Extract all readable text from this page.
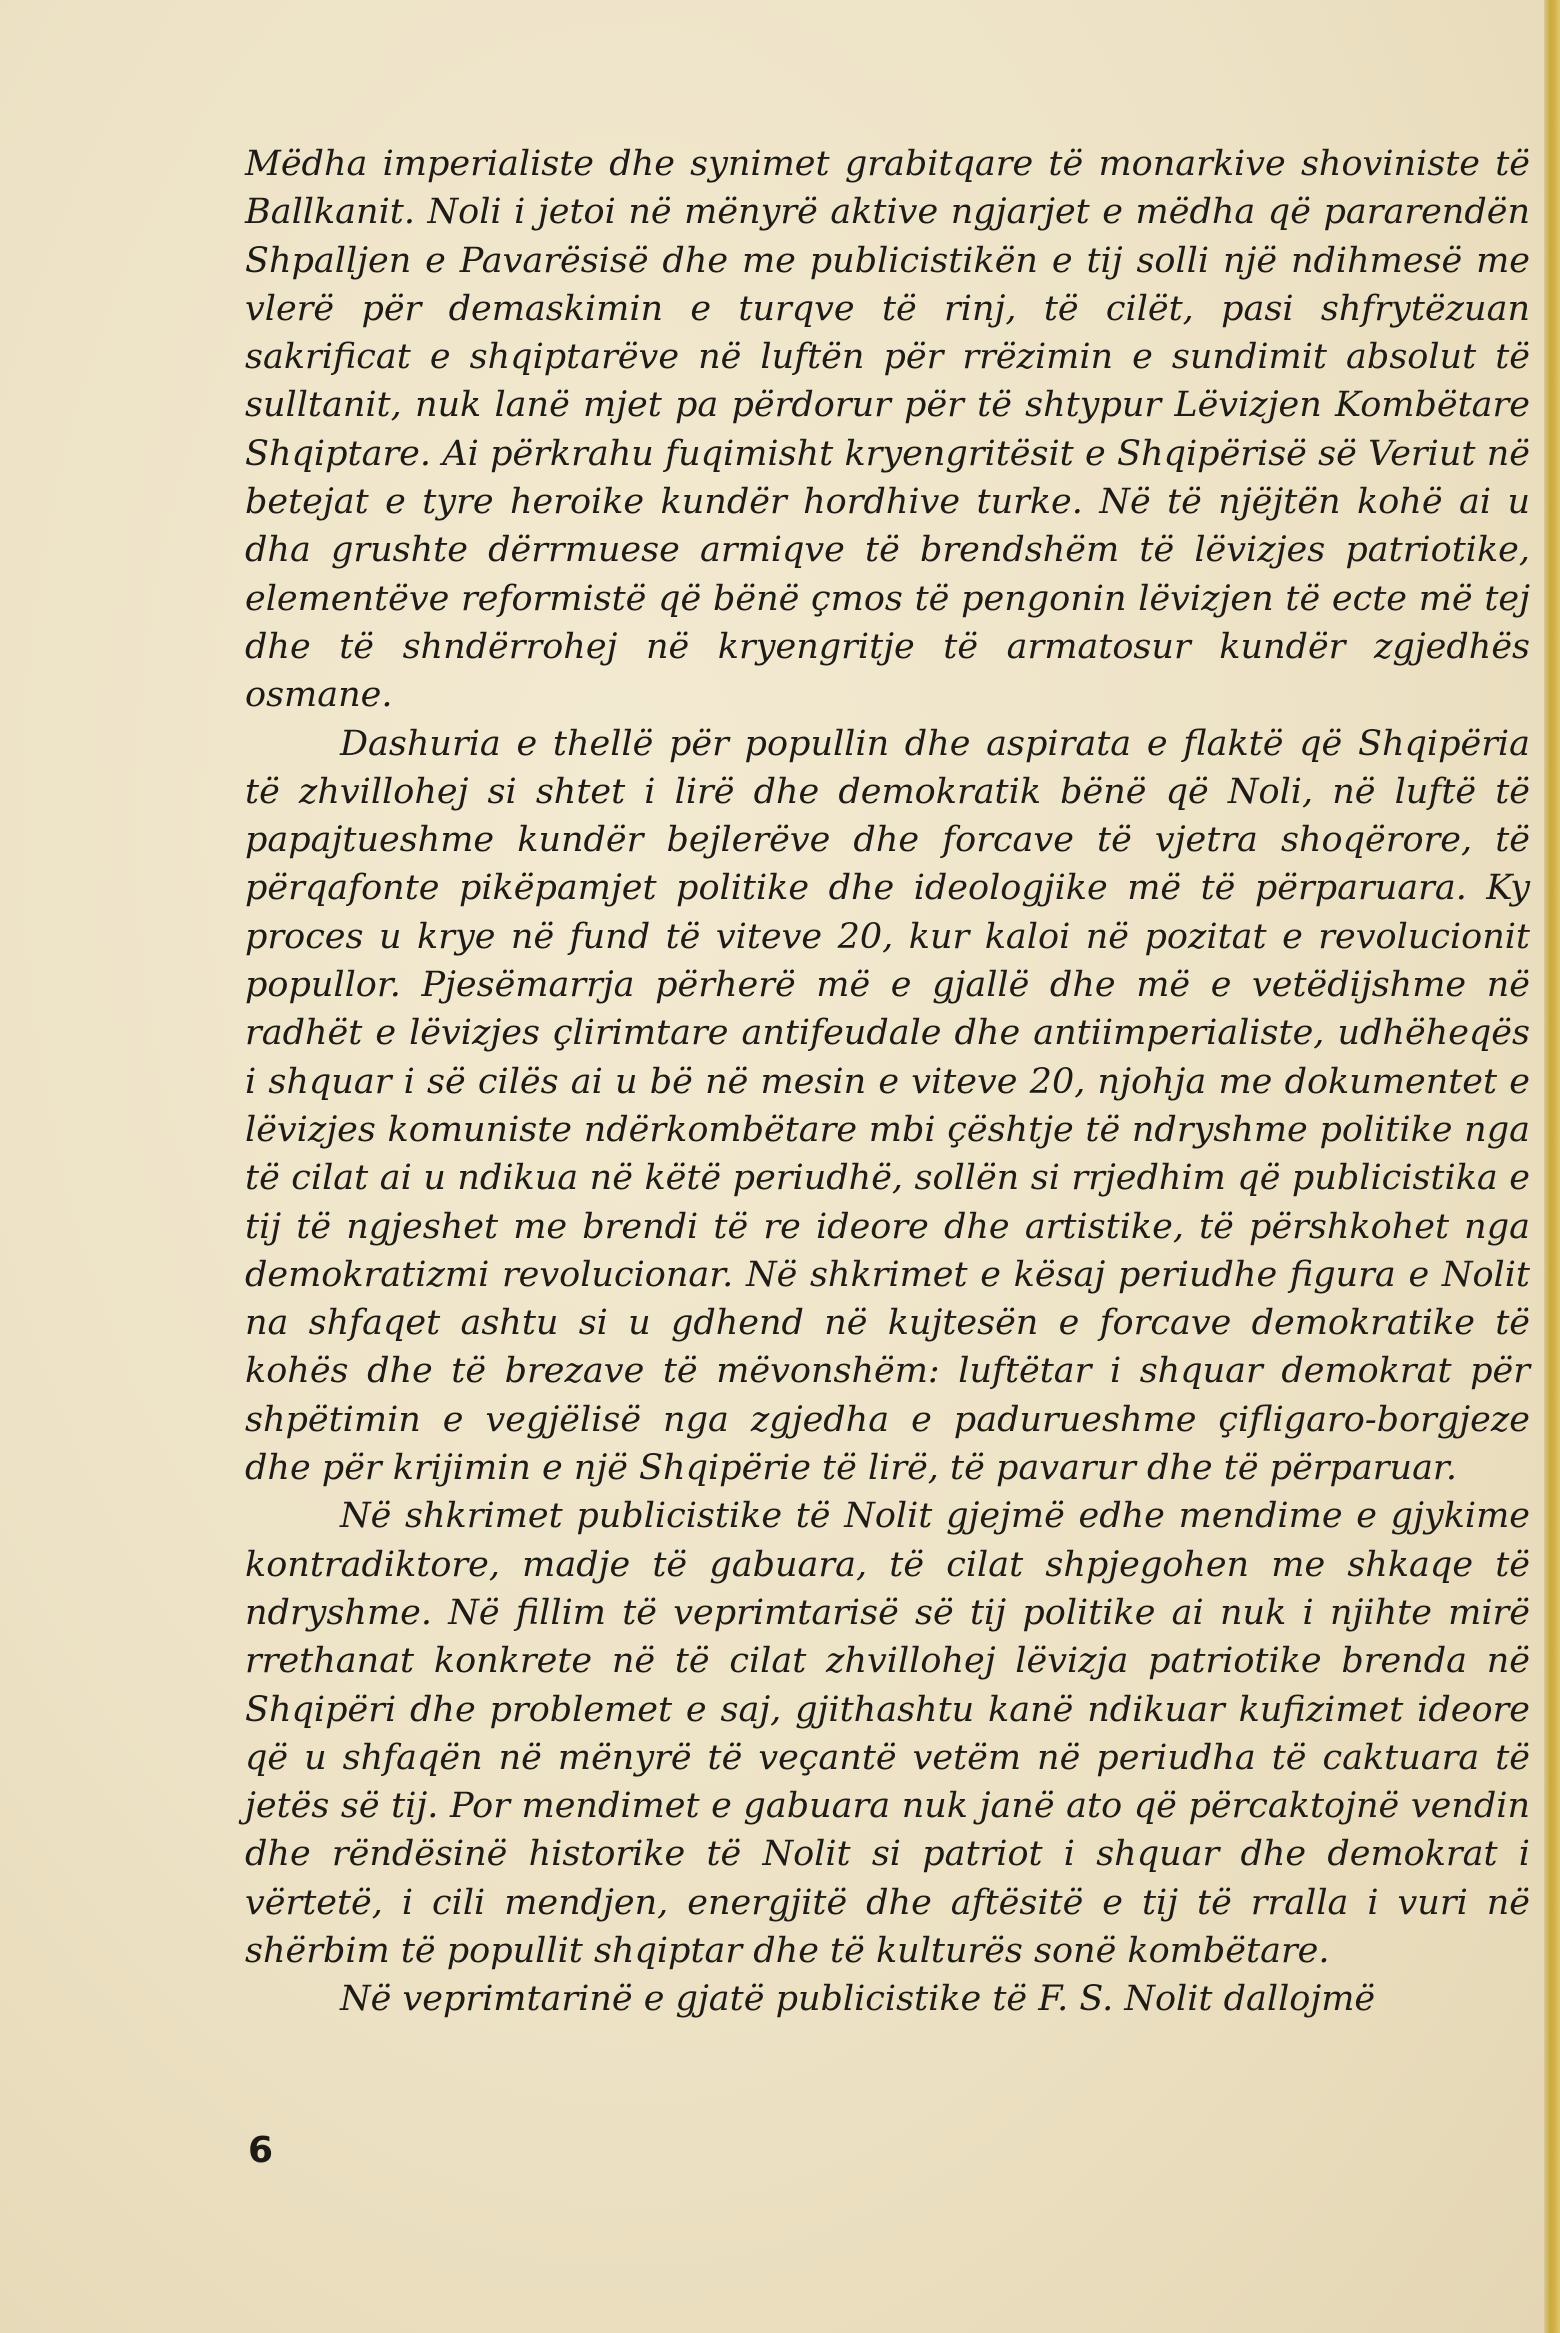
Mëdha imperialiste dhe synimet grabitqare të monarkive shoviniste të Ballkanit. Noli i jetoi në mënyrë aktive ngjarjet e mëdha që pararendën Shpalljen e Pavarësisë dhe me publicistikën e tij solli një ndihmesë me vlerë për demaskimin e turqve të rinj, të cilët, pasi shfrytëzuan sakrificat e shqiptarëve në luftën për rrëzimin e sundimit absolut të sulltanit, nuk lanë mjet pa përdorur për të shtypur Lëvizjen Kombëtare Shqiptare. Ai përkrahu fuqimisht kryengritësit e Shqipërisë së Veriut në betejat e tyre heroike kundër hordhive turke. Në të njëjtën kohë ai u dha grushte dërrmuese armiqve të brendshëm të lëvizjes patriotike, elementëve reformistë që bënë çmos të pengonin lëvizjen të ecte më tej dhe të shndërrohej në kryengritje të armatosur kundër zgjedhës osmane.

Dashuria e thellë për popullin dhe aspirata e flaktë që Shqipëria të zhvillohej si shtet i lirë dhe demokratik bënë që Noli, në luftë të papajtueshme kundër bejlerëve dhe forcave të vjetra shoqërore, të përqafonte pikëpamjet politike dhe ideologjike më të përparuara. Ky proces u krye në fund të viteve 20, kur kaloi në pozitat e revolucionit popullor. Pjesëmarrja përherë më e gjallë dhe më e vetëdijshme në radhët e lëvizjes çlirimtare antifeudale dhe antiimperialiste, udhëheqës i shquar i së cilës ai u bë në mesin e viteve 20, njohja me dokumentet e lëvizjes komuniste ndërkombëtare mbi çështje të ndryshme politike nga të cilat ai u ndikua në këtë periudhë, sollën si rrjedhim që publicistika e tij të ngjeshet me brendi të re ideore dhe artistike, të përshkohet nga demokratizmi revolucionar. Në shkrimet e kësaj periudhe figura e Nolit na shfaqet ashtu si u gdhend në kujtesën e forcave demokratike të kohës dhe të brezave të mëvonshëm: luftëtar i shquar demokrat për shpëtimin e vegjëlisë nga zgjedha e padurueshme çifligaro-borgjeze dhe për krijimin e një Shqipërie të lirë, të pavarur dhe të përparuar.

Në shkrimet publicistike të Nolit gjejmë edhe mendime e gjykime kontradiktore, madje të gabuara, të cilat shpjegohen me shkaqe të ndryshme. Në fillim të veprimtarisë së tij politike ai nuk i njihte mirë rrethanat konkrete në të cilat zhvillohej lëvizja patriotike brenda në Shqipëri dhe problemet e saj, gjithashtu kanë ndikuar kufizimet ideore që u shfaqën në mënyrë të veçantë vetëm në periudha të caktuara të jetës së tij. Por mendimet e gabuara nuk janë ato që përcaktojnë vendin dhe rëndësinë historike të Nolit si patriot i shquar dhe demokrat i vërtetë, i cili mendjen, energjitë dhe aftësitë e tij të rralla i vuri në shërbim të popullit shqiptar dhe të kulturës sonë kombëtare.

Në veprimtarinë e gjatë publicistike të F. S. Nolit dallojmë

6
